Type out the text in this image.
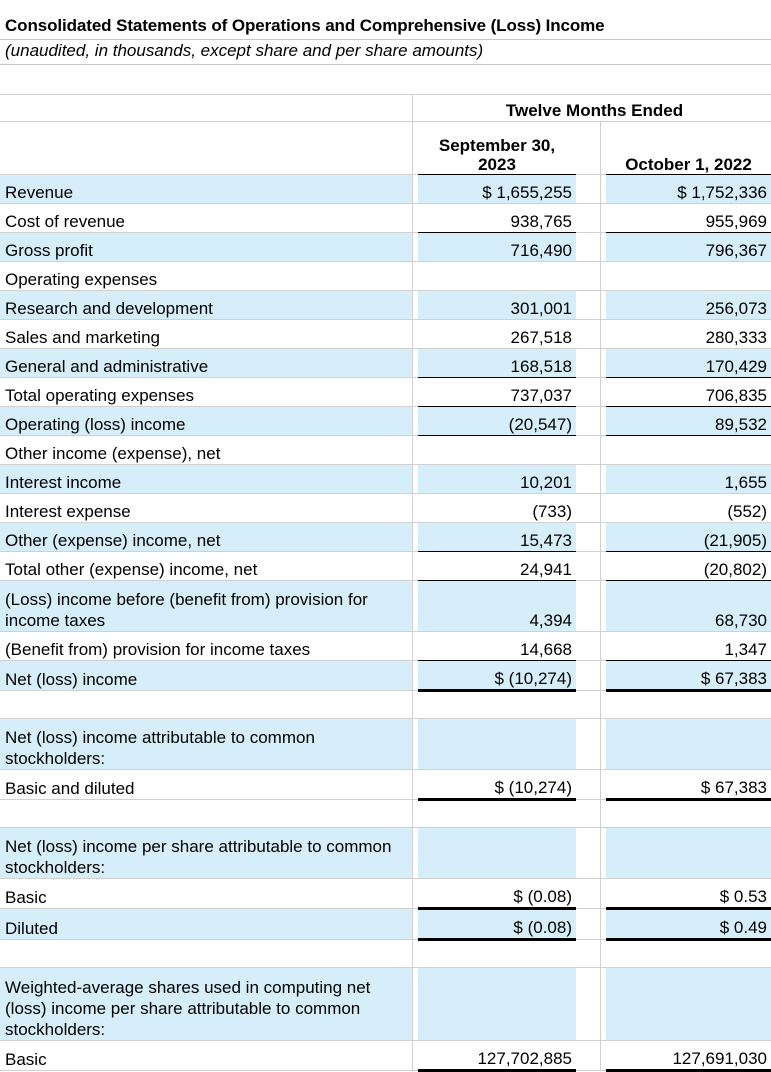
Consolidated Statements of Operations and Comprehensive (Loss) Income
(unaudited, in thousands, except share and per share amounts)
		Twelve Months Ended			
		September 30, 2023			October 1, 2022
Revenue		$ 1,655,255			$ 1,752,336
Cost of revenue		938,765			955,969
Gross profit		716,490			796,367
Operating expenses					
Research and development		301,001			256,073
Sales and marketing		267,518			280,333
General and administrative		168,518			170,429
Total operating expenses		737,037			706,835
Operating (loss) income		(20,547)			89,532
Other income (expense), net					
Interest income		10,201			1,655
Interest expense		(733)			(552)
Other (expense) income, net		15,473			(21,905)
Total other (expense) income, net		24,941			(20,802)
(Loss) income before (benefit from) provision for income taxes		4,394			68,730
(Benefit from) provision for income taxes		14,668			1,347
Net (loss) income		$ (10,274)			$ 67,383

Net (loss) income attributable to common stockholders:					
Basic and diluted		$ (10,274)			$ 67,383

Net (loss) income per share attributable to common stockholders:					
Basic		$ (0.08)			$ 0.53
Diluted		$ (0.08)			$ 0.49

Weighted-average shares used in computing net (loss) income per share attributable to common stockholders:					
Basic		127,702,885			127,691,030
